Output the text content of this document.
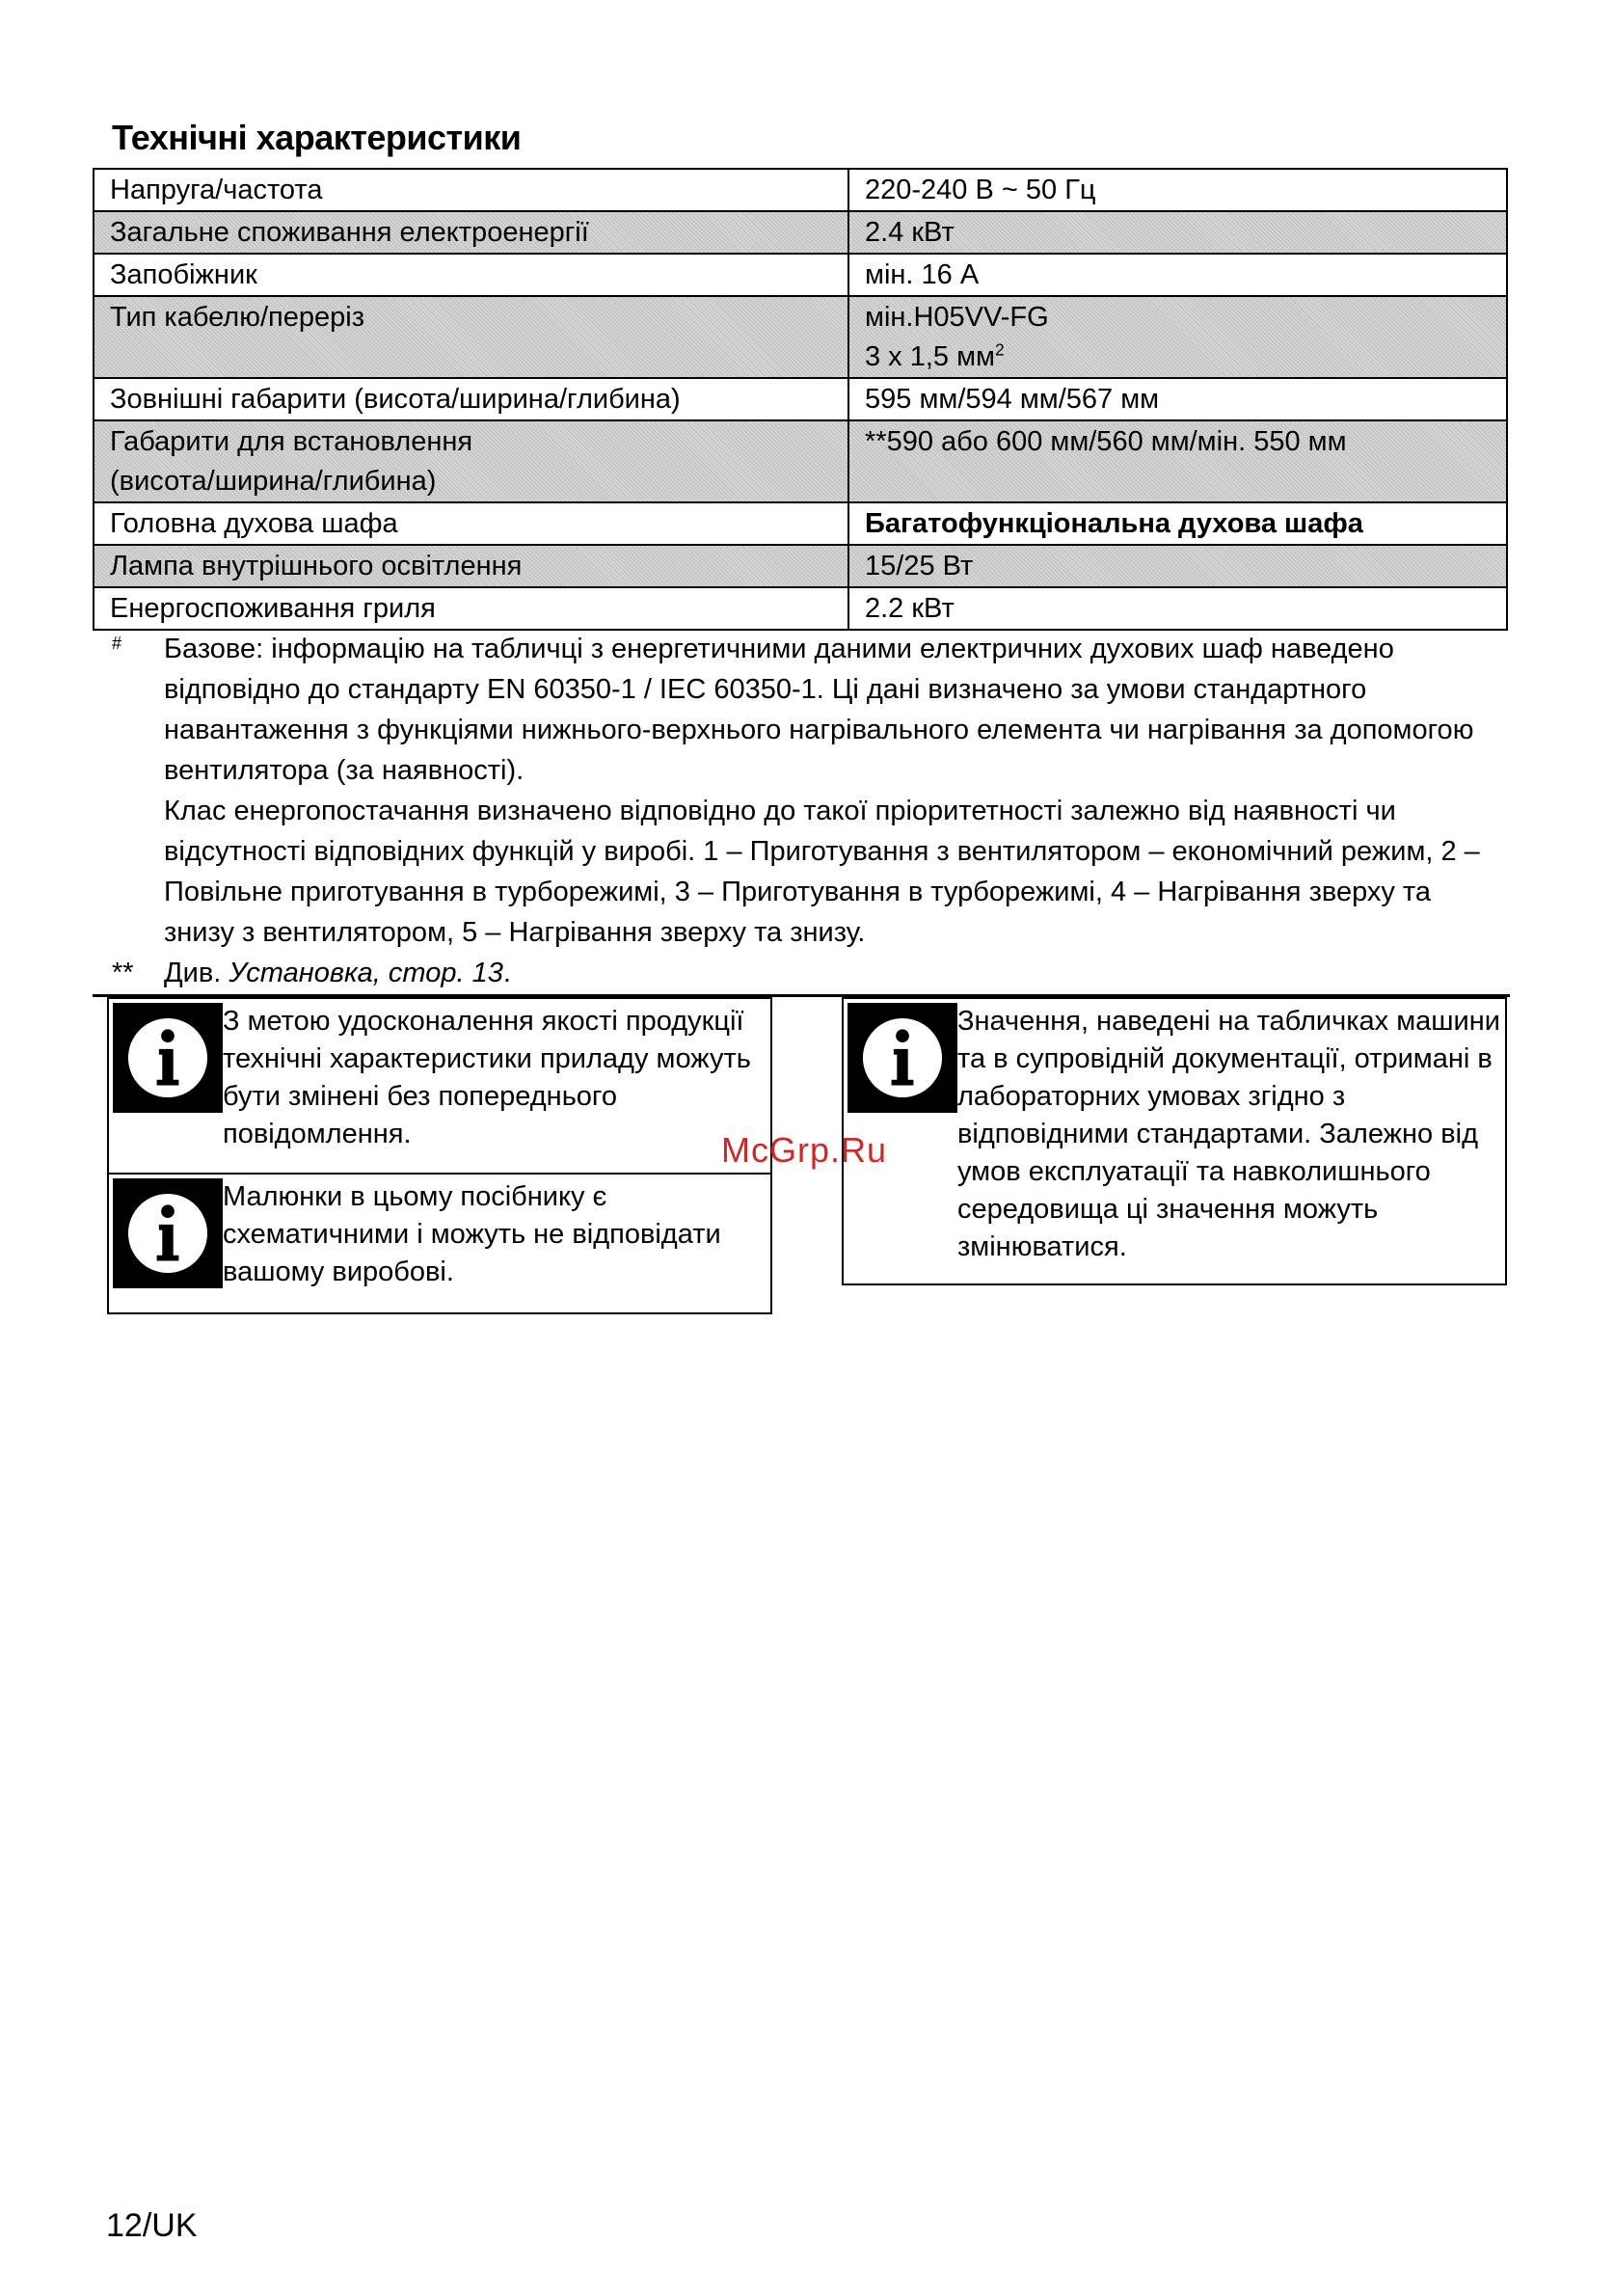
Технічні характеристики
Напруга/частота	220-240 В ~ 50 Гц
Загальне споживання електроенергії	2.4 кВт
Запобіжник	мін. 16 A
Тип кабелю/переріз	мін.H05VV-FG
3 x 1,5 $мм^2$

Зовнішні габарити (висота/ширина/глибина)	595 мм/594 мм/567 мм

Габарити для встановлення
(висота/ширина/глибина)	**590 або 600 мм/560 мм/мін. 550 мм
Головна духова шафа	Багатофункціональна духова шафа
Лампа внутрішнього освітлення	15/25 Вт
Енергоспоживання гриля	2.2 кВт
# Базове: інформацію на табличці з енергетичними даними електричних духових шаф наведено відповідно до стандарту EN 60350-1 / IEC 60350-1. Ці дані визначено за умови стандартного навантаження з функціями нижнього-верхнього нагрівального елемента чи нагрівання за допомогою вентилятора (за наявності).

Клас енергопостачання визначено відповідно до такої пріоритетності залежно від наявності чи відсутності відповідних функцій у виробі. 1 – Приготування з вентилятором – економічний режим, 2 – Повільне приготування в турборежимі, 3 – Приготування в турборежимі, 4 – Нагрівання зверху та знизу з вентилятором, 5 – Нагрівання зверху та знизу.

** Див. Установка, стор. 13.
З метою удосконалення якості продукції
технічні характеристики приладу можуть
бути змінені без попереднього
повідомлення.
Малюнки в цьому посібнику є
схематичними і можуть не відповідати
вашому виробові.
Значення, наведені на табличках машини
та в супровідній документації, отримані в
лабораторних умовах згідно з
відповідними стандартами. Залежно від
умов експлуатації та навколишнього
середовища ці значення можуть
змінюватися.
McGrp.Ru
12/UK
